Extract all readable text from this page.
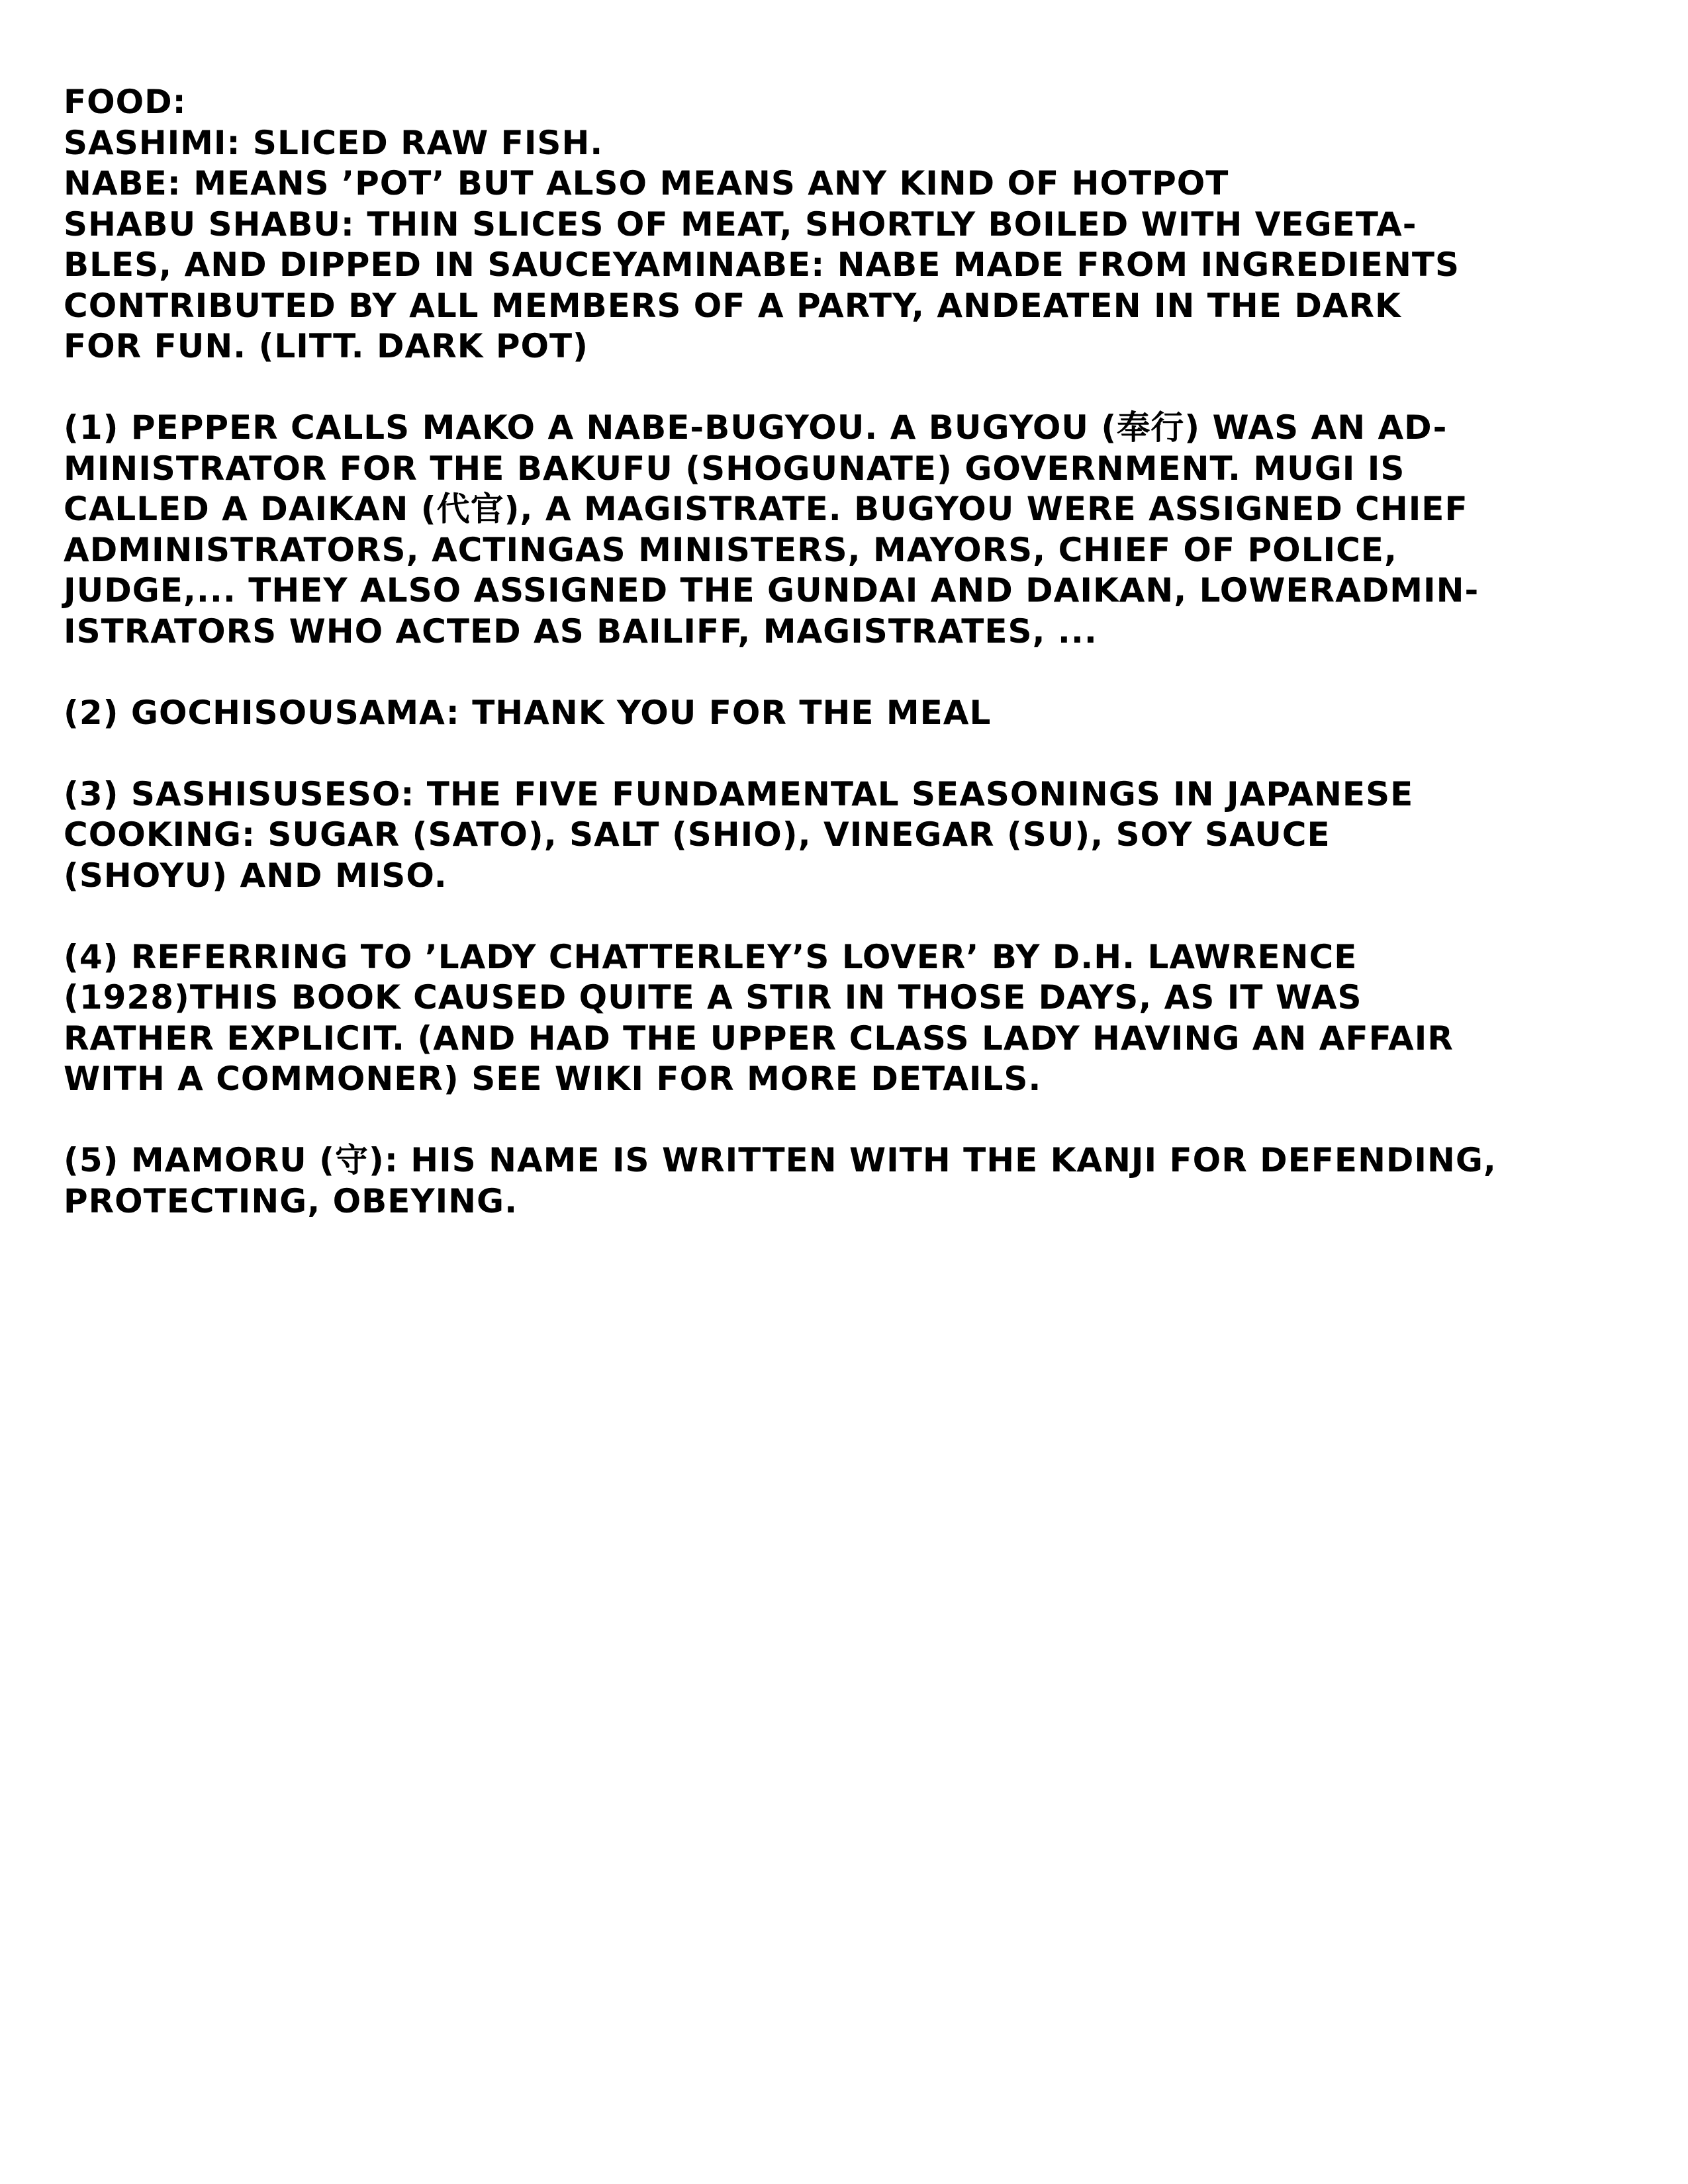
FOOD:
SASHIMI: SLICED RAW FISH.
NABE: MEANS ’POT’ BUT ALSO MEANS ANY KIND OF HOTPOT
SHABU SHABU: THIN SLICES OF MEAT, SHORTLY BOILED WITH VEGETA-
BLES, AND DIPPED IN SAUCEYAMINABE: NABE MADE FROM INGREDIENTS
CONTRIBUTED BY ALL MEMBERS OF A PARTY, ANDEATEN IN THE DARK
FOR FUN. (LITT. DARK POT)
(1) PEPPER CALLS MAKO A NABE-BUGYOU. A BUGYOU (奉行) WAS AN AD-
MINISTRATOR FOR THE BAKUFU (SHOGUNATE) GOVERNMENT. MUGI IS
CALLED A DAIKAN (代官), A MAGISTRATE. BUGYOU WERE ASSIGNED CHIEF
ADMINISTRATORS, ACTINGAS MINISTERS, MAYORS, CHIEF OF POLICE,
JUDGE,... THEY ALSO ASSIGNED THE GUNDAI AND DAIKAN, LOWERADMIN-
ISTRATORS WHO ACTED AS BAILIFF, MAGISTRATES, ...
(2) GOCHISOUSAMA: THANK YOU FOR THE MEAL
(3) SASHISUSESO: THE FIVE FUNDAMENTAL SEASONINGS IN JAPANESE
COOKING: SUGAR (SATO), SALT (SHIO), VINEGAR (SU), SOY SAUCE
(SHOYU) AND MISO.
(4) REFERRING TO ’LADY CHATTERLEY’S LOVER’ BY D.H. LAWRENCE
(1928)THIS BOOK CAUSED QUITE A STIR IN THOSE DAYS, AS IT WAS
RATHER EXPLICIT. (AND HAD THE UPPER CLASS LADY HAVING AN AFFAIR
WITH A COMMONER) SEE WIKI FOR MORE DETAILS.
(5) MAMORU (守): HIS NAME IS WRITTEN WITH THE KANJI FOR DEFENDING,
PROTECTING, OBEYING.
